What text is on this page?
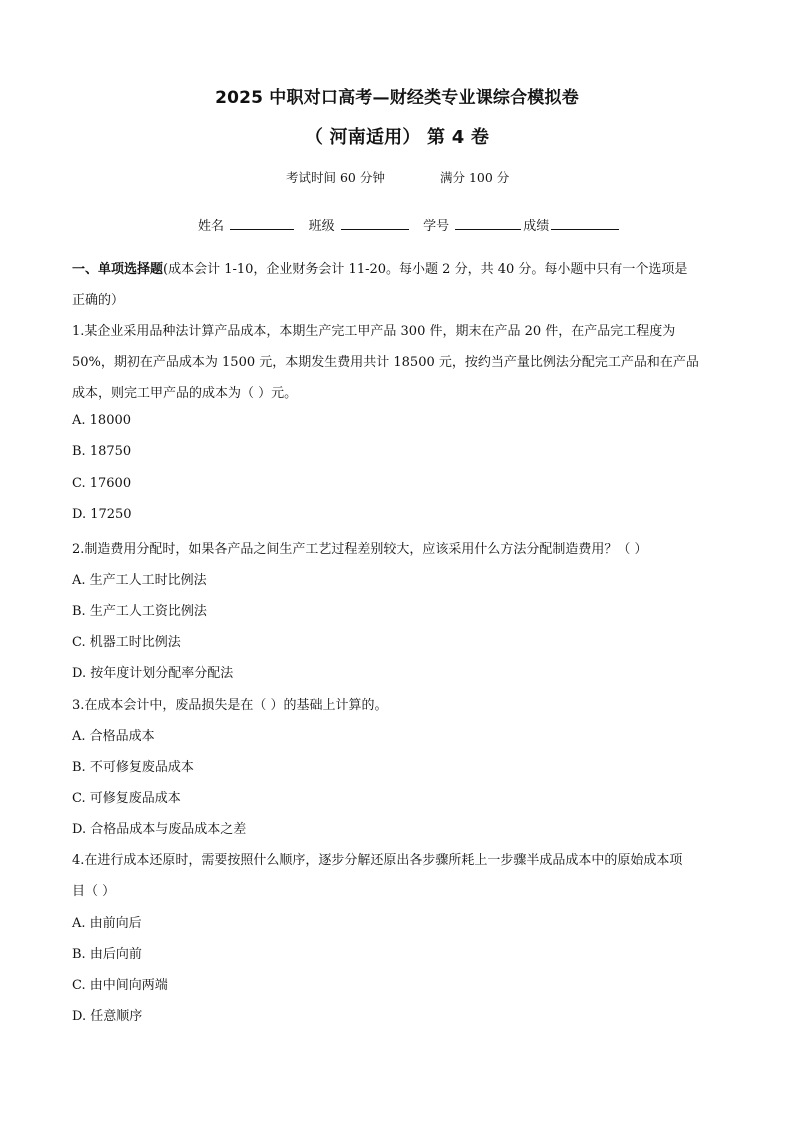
2025 中职对口高考—财经类专业课综合模拟卷
（ 河南适用） 第 4 卷
考试时间 60 分钟	满分 100 分
姓名	班级	学号	成绩
一、单项选择题(成本会计 1-10，企业财务会计 11-20。每小题 2 分，共 40 分。每小题中只有一个选项是
正确的）
1.某企业采用品种法计算产品成本，本期生产完工甲产品 300 件，期末在产品 20 件，在产品完工程度为
50%，期初在产品成本为 1500 元，本期发生费用共计 18500 元，按约当产量比例法分配完工产品和在产品
成本，则完工甲产品的成本为（ ）元。
A. 18000
B. 18750
C. 17600
D. 17250
2.制造费用分配时，如果各产品之间生产工艺过程差别较大，应该采用什么方法分配制造费用？（ ）
A. 生产工人工时比例法
B. 生产工人工资比例法
C. 机器工时比例法
D. 按年度计划分配率分配法
3.在成本会计中，废品损失是在（ ）的基础上计算的。
A. 合格品成本
B. 不可修复废品成本
C. 可修复废品成本
D. 合格品成本与废品成本之差
4.在进行成本还原时，需要按照什么顺序，逐步分解还原出各步骤所耗上一步骤半成品成本中的原始成本项
目（ ）
A. 由前向后
B. 由后向前
C. 由中间向两端
D. 任意顺序
